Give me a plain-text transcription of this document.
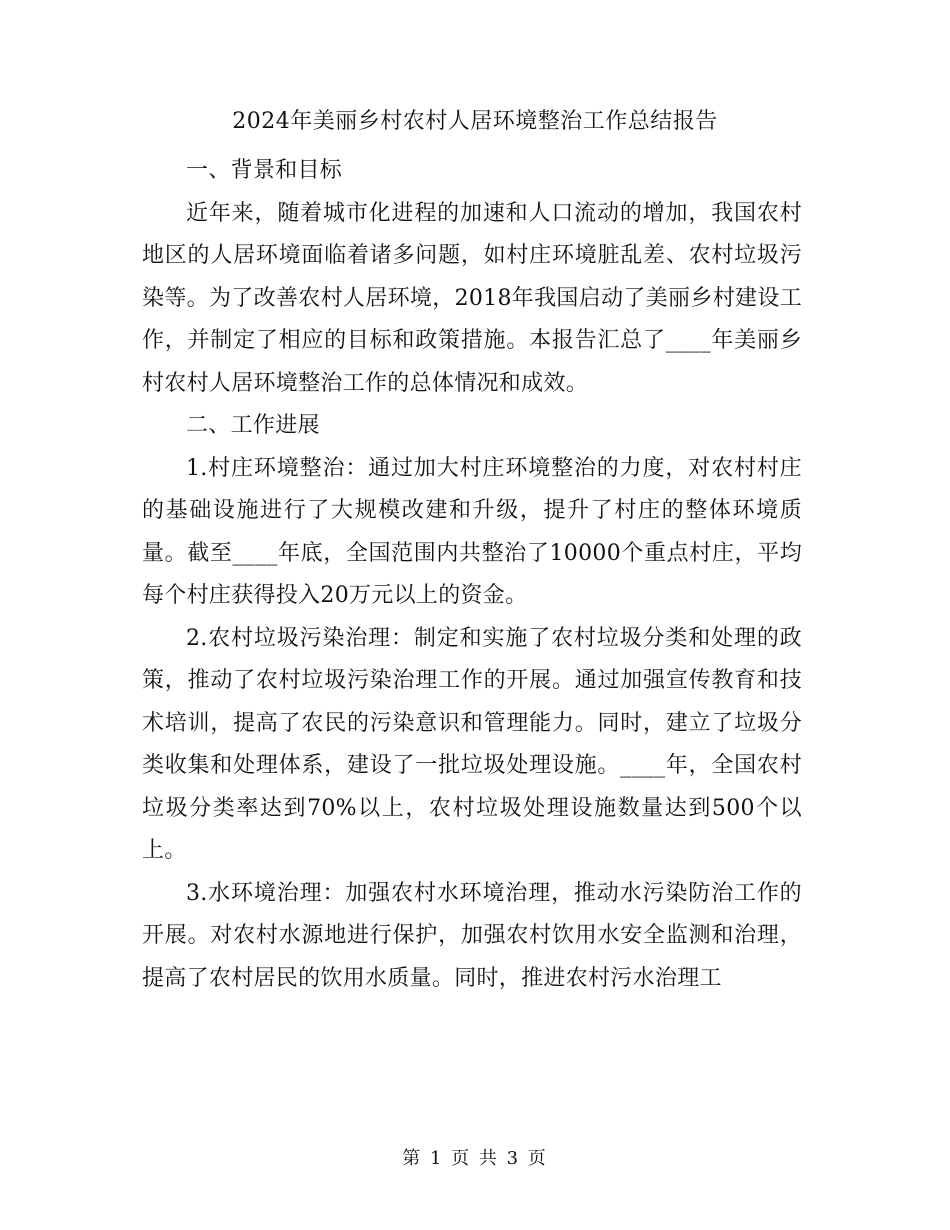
2024年美丽乡村农村人居环境整治工作总结报告

一、背景和目标

近年来，随着城市化进程的加速和人口流动的增加，我国农村地区的人居环境面临着诸多问题，如村庄环境脏乱差、农村垃圾污染等。为了改善农村人居环境，2018年我国启动了美丽乡村建设工作，并制定了相应的目标和政策措施。本报告汇总了____年美丽乡村农村人居环境整治工作的总体情况和成效。

二、工作进展

1.村庄环境整治：通过加大村庄环境整治的力度，对农村村庄的基础设施进行了大规模改建和升级，提升了村庄的整体环境质量。截至____年底，全国范围内共整治了10000个重点村庄，平均每个村庄获得投入20万元以上的资金。

2.农村垃圾污染治理：制定和实施了农村垃圾分类和处理的政策，推动了农村垃圾污染治理工作的开展。通过加强宣传教育和技术培训，提高了农民的污染意识和管理能力。同时，建立了垃圾分类收集和处理体系，建设了一批垃圾处理设施。____年，全国农村垃圾分类率达到70%以上，农村垃圾处理设施数量达到500个以上。

3.水环境治理：加强农村水环境治理，推动水污染防治工作的开展。对农村水源地进行保护，加强农村饮用水安全监测和治理，提高了农村居民的饮用水质量。同时，推进农村污水治理工

第 1 页 共 3 页
